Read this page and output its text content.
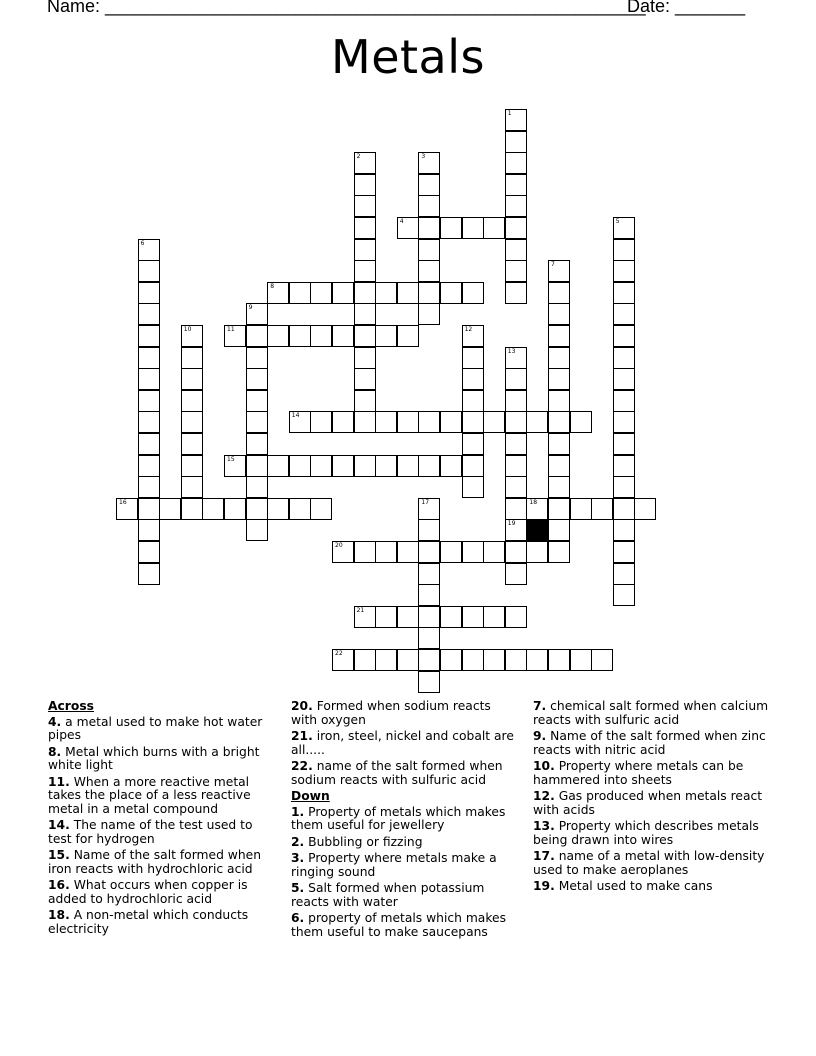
Name: ______________________________________________________
Date: _______
Metals
4
8
11
14
15
16	18
20
21
22
1
2	3
5
6
7
9
10	12
13
19
17
Across
4. a metal used to make hot water pipes
8. Metal which burns with a bright white light
11. When a more reactive metal takes the place of a less reactive metal in a metal compound
14. The name of the test used to test for hydrogen
15. Name of the salt formed when iron reacts with hydrochloric acid
16. What occurs when copper is added to hydrochloric acid
18. A non-metal which conducts electricity
20. Formed when sodium reacts with oxygen
21. iron, steel, nickel and cobalt are all.....
22. name of the salt formed when sodium reacts with sulfuric acid
Down
1. Property of metals which makes them useful for jewellery
2. Bubbling or fizzing
3. Property where metals make a ringing sound
5. Salt formed when potassium reacts with water
6. property of metals which makes them useful to make saucepans
7. chemical salt formed when calcium reacts with sulfuric acid
9. Name of the salt formed when zinc reacts with nitric acid
10. Property where metals can be hammered into sheets
12. Gas produced when metals react with acids
13. Property which describes metals being drawn into wires
17. name of a metal with low-density used to make aeroplanes
19. Metal used to make cans
